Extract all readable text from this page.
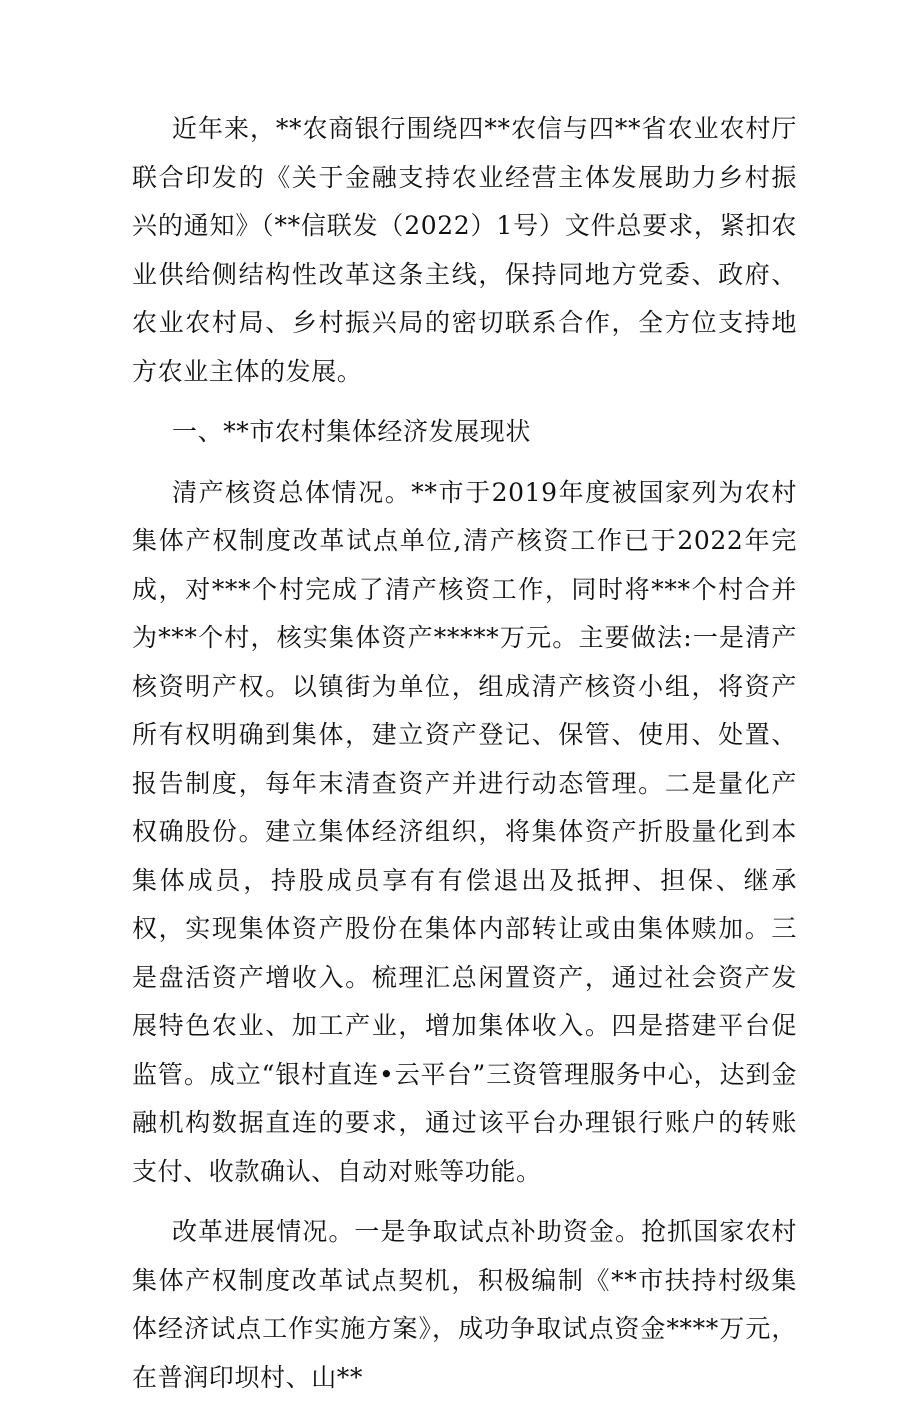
近年来，**农商银行围绕四**农信与四**省农业农村厅联合印发的《关于金融支持农业经营主体发展助力乡村振兴的通知》（**信联发（2022）1号）文件总要求，紧扣农业供给侧结构性改革这条主线，保持同地方党委、政府、农业农村局、乡村振兴局的密切联系合作，全方位支持地方农业主体的发展。

一、**市农村集体经济发展现状

清产核资总体情况。**市于2019年度被国家列为农村集体产权制度改革试点单位,清产核资工作已于2022年完成，对***个村完成了清产核资工作，同时将***个村合并为***个村，核实集体资产*****万元。主要做法:一是清产核资明产权。以镇街为单位，组成清产核资小组，将资产所有权明确到集体，建立资产登记、保管、使用、处置、报告制度，每年末清查资产并进行动态管理。二是量化产权确股份。建立集体经济组织，将集体资产折股量化到本集体成员，持股成员享有有偿退出及抵押、担保、继承权，实现集体资产股份在集体内部转让或由集体赎加。三是盘活资产增收入。梳理汇总闲置资产，通过社会资产发展特色农业、加工产业，增加集体收入。四是搭建平台促监管。成立“银村直连•云平台”三资管理服务中心，达到金融机构数据直连的要求，通过该平台办理银行账户的转账支付、收款确认、自动对账等功能。

改革进展情况。一是争取试点补助资金。抢抓国家农村集体产权制度改革试点契机，积极编制《**市扶持村级集体经济试点工作实施方案》，成功争取试点资金****万元，在普润印坝村、山**
